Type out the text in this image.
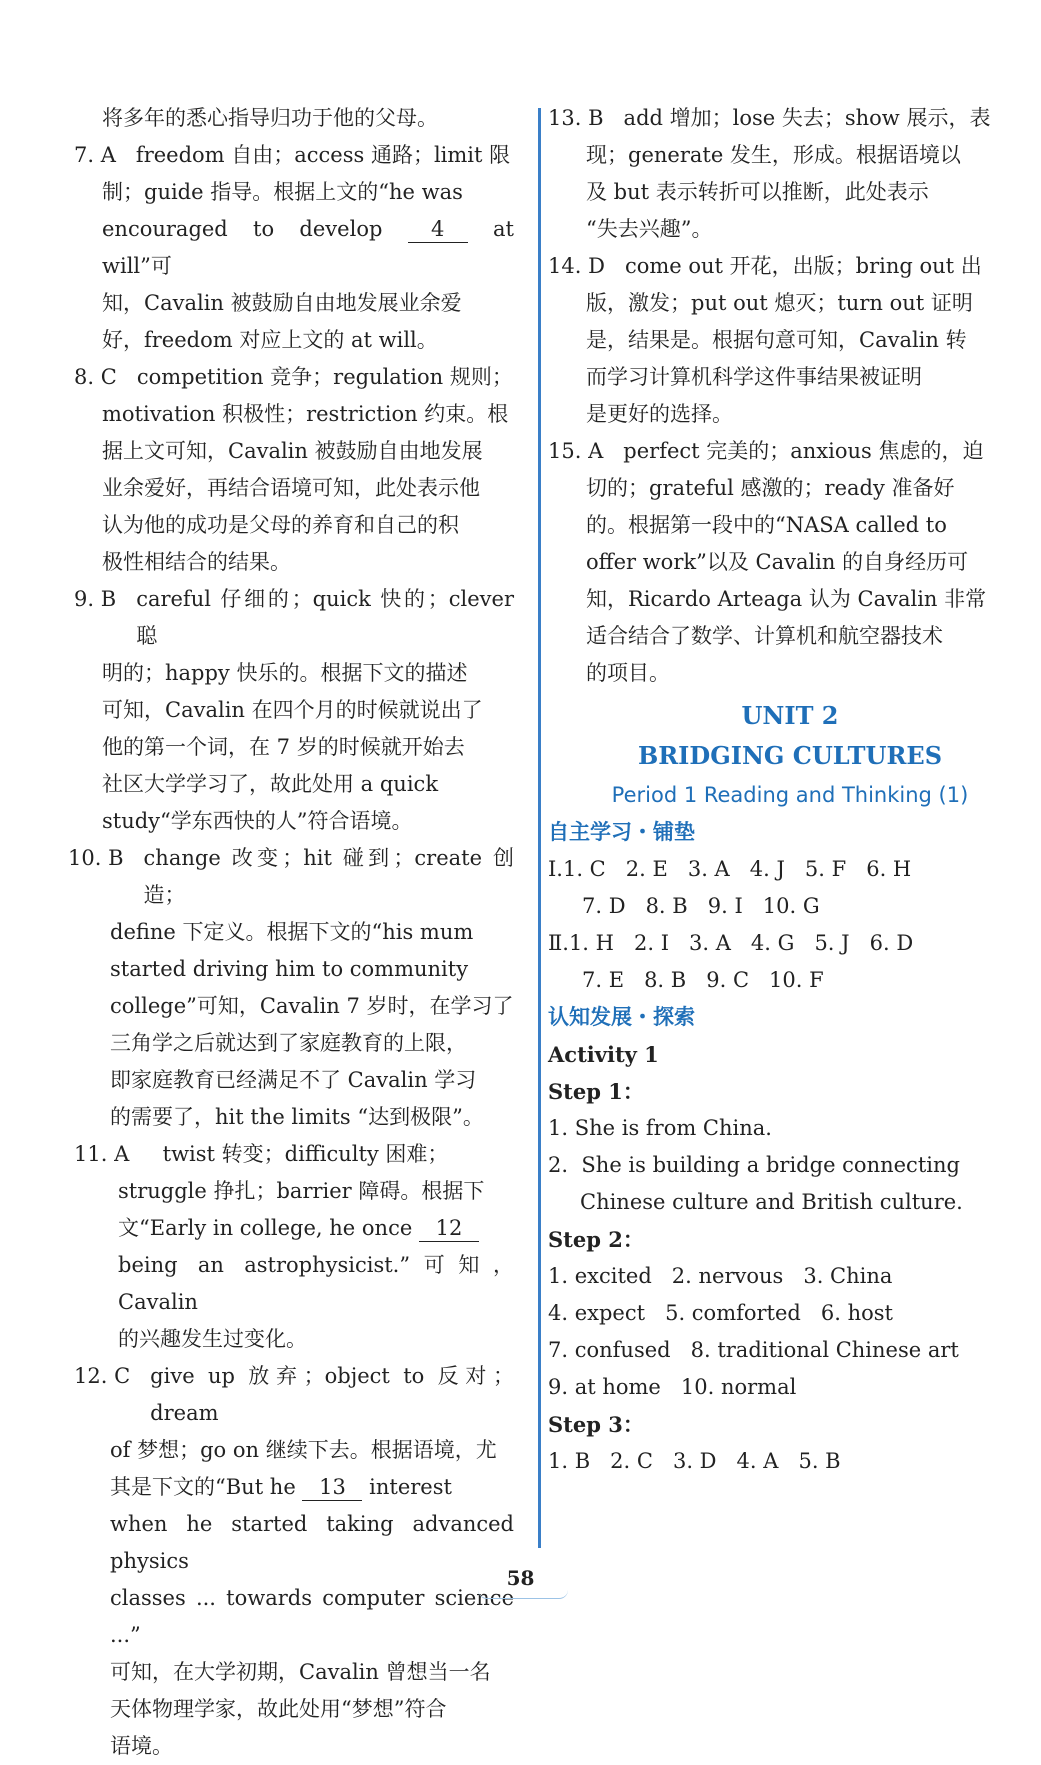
将多年的悉心指导归功于他的父母。
7. A
freedom 自由；access 通路；limit 限
制；guide 指导。根据上文的“he was
encouraged to develop 4 at will”可
知，Cavalin 被鼓励自由地发展业余爱
好，freedom 对应上文的 at will。
8. C
competition 竞争；regulation 规则；
motivation 积极性；restriction 约束。根
据上文可知，Cavalin 被鼓励自由地发展
业余爱好，再结合语境可知，此处表示他
认为他的成功是父母的养育和自己的积
极性相结合的结果。
9. B
careful 仔细的；quick 快的；clever 聪
明的；happy 快乐的。根据下文的描述
可知，Cavalin 在四个月的时候就说出了
他的第一个词，在 7 岁的时候就开始去
社区大学学习了，故此处用 a quick
study“学东西快的人”符合语境。
10. B
change 改变；hit 碰到；create 创造；
define 下定义。根据下文的“his mum
started driving him to community
college”可知，Cavalin 7 岁时，在学习了
三角学之后就达到了家庭教育的上限，
即家庭教育已经满足不了 Cavalin 学习
的需要了，hit the limits “达到极限”。
11. A
twist 转变；difficulty 困难；
struggle 挣扎；barrier 障碍。根据下
文“Early in college, he once 12
being an astrophysicist.”可知，Cavalin
的兴趣发生过变化。
12. C
give up 放弃；object to 反对；dream
of 梦想；go on 继续下去。根据语境，尤
其是下文的“But he 13 interest
when he started taking advanced physics
classes ... towards computer science ...”
可知，在大学初期，Cavalin 曾想当一名
天体物理学家，故此处用“梦想”符合
语境。
13. B
add 增加；lose 失去；show 展示，表
现；generate 发生，形成。根据语境以
及 but 表示转折可以推断，此处表示
“失去兴趣”。
14. D
come out 开花，出版；bring out 出
版，激发；put out 熄灭；turn out 证明
是，结果是。根据句意可知，Cavalin 转
而学习计算机科学这件事结果被证明
是更好的选择。
15. A
perfect 完美的；anxious 焦虑的，迫
切的；grateful 感激的；ready 准备好
的。根据第一段中的“NASA called to
offer work”以及 Cavalin 的自身经历可
知，Ricardo Arteaga 认为 Cavalin 非常
适合结合了数学、计算机和航空器技术
的项目。
UNIT 2
BRIDGING CULTURES
Period 1 Reading and Thinking (1)
自主学习・铺垫
Ⅰ.1. C   2. E   3. A   4. J   5. F   6. H
7. D   8. B   9. I   10. G
Ⅱ.1. H   2. I   3. A   4. G   5. J   6. D
7. E   8. B   9. C   10. F
认知发展・探索
Activity 1
Step 1：
1. She is from China.
2.
She is building a bridge connecting
Chinese culture and British culture.
Step 2：
1. excited   2. nervous   3. China
4. expect   5. comforted   6. host
7. confused   8. traditional Chinese art
9. at home   10. normal
Step 3：
1. B   2. C   3. D   4. A   5. B
58
